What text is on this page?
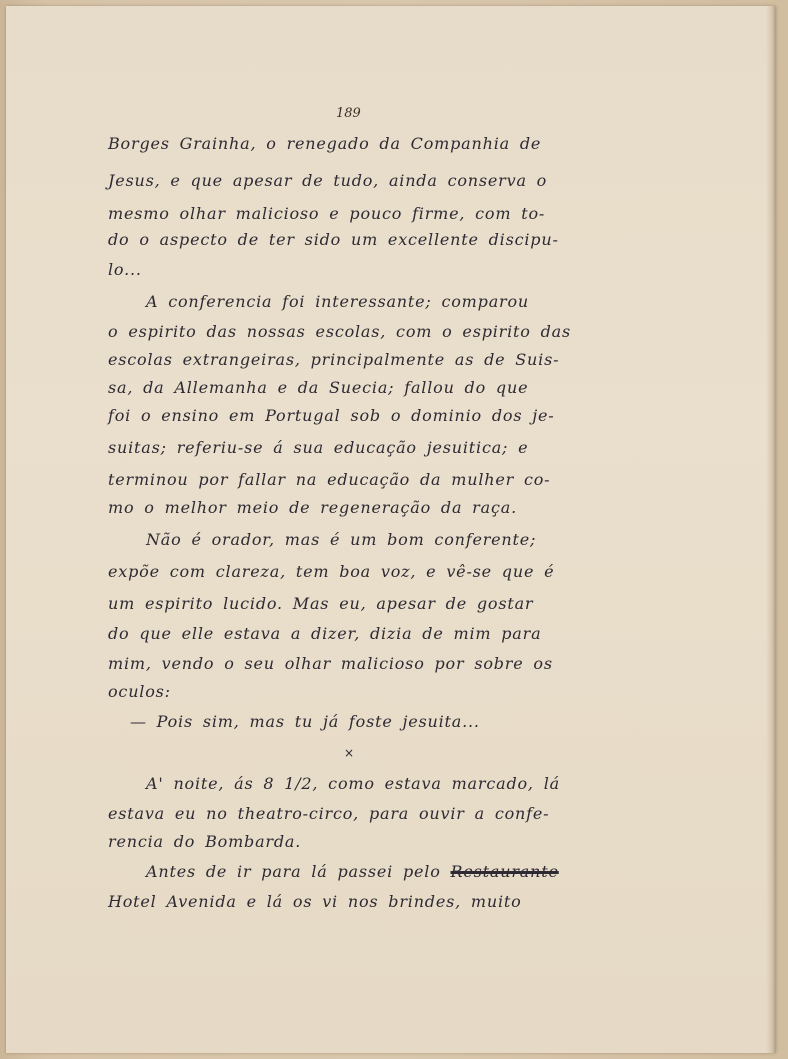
189
Borges Grainha, o renegado da Companhia de
Jesus, e que apesar de tudo, ainda conserva o
mesmo olhar malicioso e pouco firme, com to-
do o aspecto de ter sido um excellente discipu-
lo...
A conferencia foi interessante; comparou
o espirito das nossas escolas, com o espirito das
escolas extrangeiras, principalmente as de Suis-
sa, da Allemanha e da Suecia; fallou do que
foi o ensino em Portugal sob o dominio dos je-
suitas; referiu-se á sua educação jesuitica; e
terminou por fallar na educação da mulher co-
mo o melhor meio de regeneração da raça.
Não é orador, mas é um bom conferente;
expõe com clareza, tem boa voz, e vê-se que é
um espirito lucido. Mas eu, apesar de gostar
do que elle estava a dizer, dizia de mim para
mim, vendo o seu olhar malicioso por sobre os
oculos:
— Pois sim, mas tu já foste jesuita...
×
A' noite, ás 8 1/2, como estava marcado, lá
estava eu no theatro-circo, para ouvir a confe-
rencia do Bombarda.
Antes de ir para lá passei pelo Restaurante
Hotel Avenida e lá os vi nos brindes, muito
